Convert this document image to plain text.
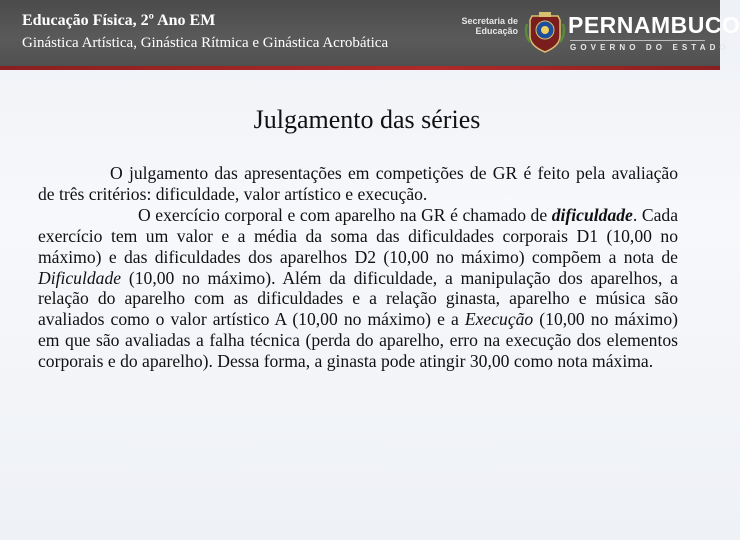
Educação Física, 2º Ano EM
Ginástica Artística, Ginástica Rítmica e Ginástica Acrobática
Secretaria de
Educação PERNAMBUCO
GOVERNO DO ESTADO
Julgamento das séries

O julgamento das apresentações em competições de GR é feito pela avaliação de três critérios: dificuldade, valor artístico e execução.

O exercício corporal e com aparelho na GR é chamado de dificuldade. Cada exercício tem um valor e a média da soma das dificuldades corporais D1 (10,00 no máximo) e das dificuldades dos aparelhos D2 (10,00 no máximo) compõem a nota de Dificuldade (10,00 no máximo). Além da dificuldade, a manipulação dos aparelhos, a relação do aparelho com as dificuldades e a relação ginasta, aparelho e música são avaliados como o valor artístico A (10,00 no máximo) e a Execução (10,00 no máximo) em que são avaliadas a falha técnica (perda do aparelho, erro na execução dos elementos corporais e do aparelho). Dessa forma, a ginasta pode atingir 30,00 como nota máxima.
